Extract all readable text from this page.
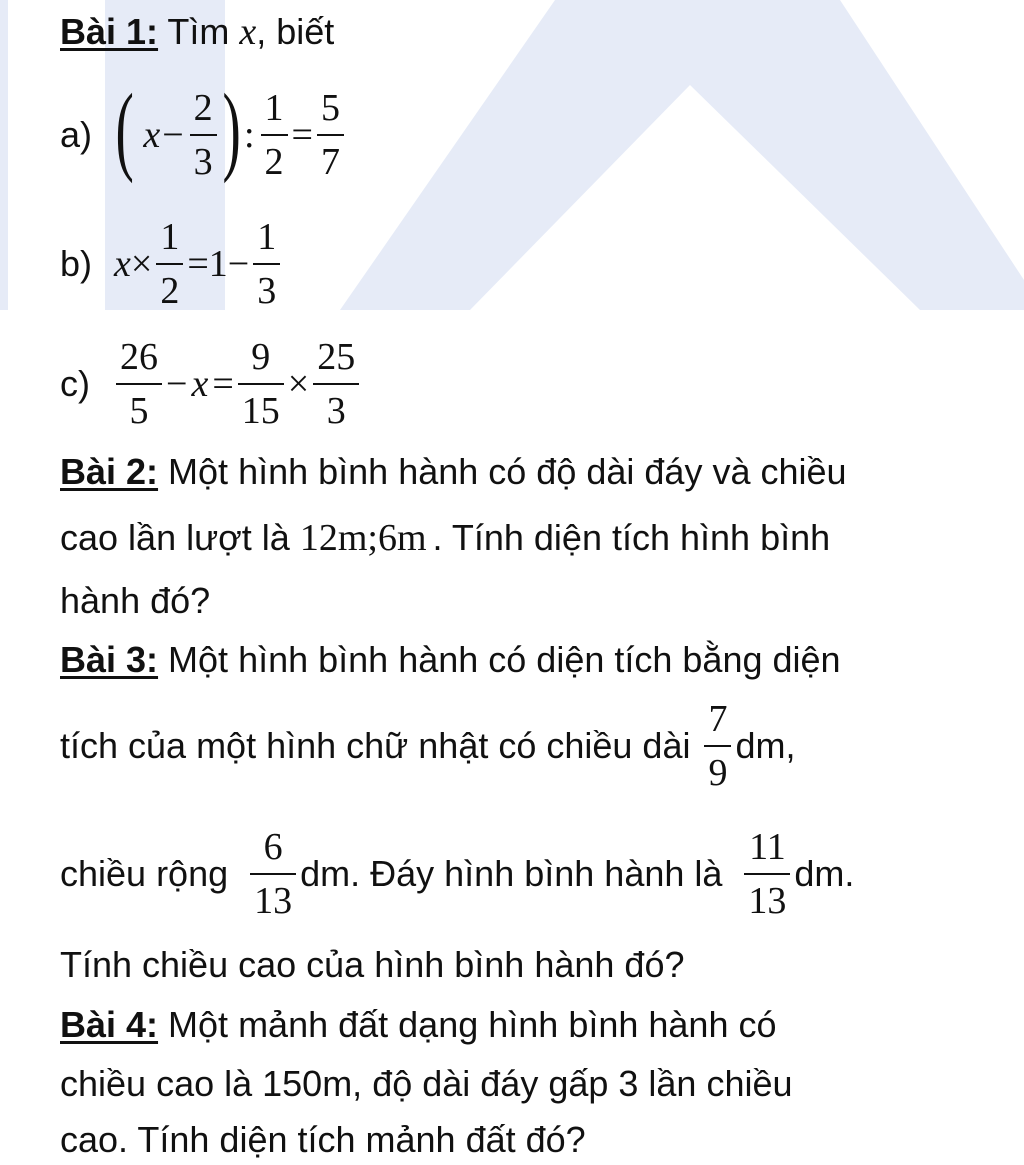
Bài 1: Tìm x , biết
a) ( $x - \frac{2}{3}$ ) : $\frac{1}{2} = \frac{5}{7}$
b) $x \times \frac{1}{2} = 1 - \frac{1}{3}$
$c) \frac{26}{5} - x = \frac{9}{15} \times \frac{25}{3}$
Bài 2: Một hình bình hành có độ dài đáy và chiều
cao lần lượt là 12m;6m . Tính diện tích hình bình
hành đó?
Bài 3: Một hình bình hành có diện tích bằng diện
tích của một hình chữ nhật có chiều dài $\frac{7}{9}$ dm,
chiều rộng $\frac{6}{13}$ dm. Đáy hình bình hành là $\frac{11}{13}$ dm.
Tính chiều cao của hình bình hành đó?
Bài 4: Một mảnh đất dạng hình bình hành có
chiều cao là 150m, độ dài đáy gấp 3 lần chiều
cao. Tính diện tích mảnh đất đó?
